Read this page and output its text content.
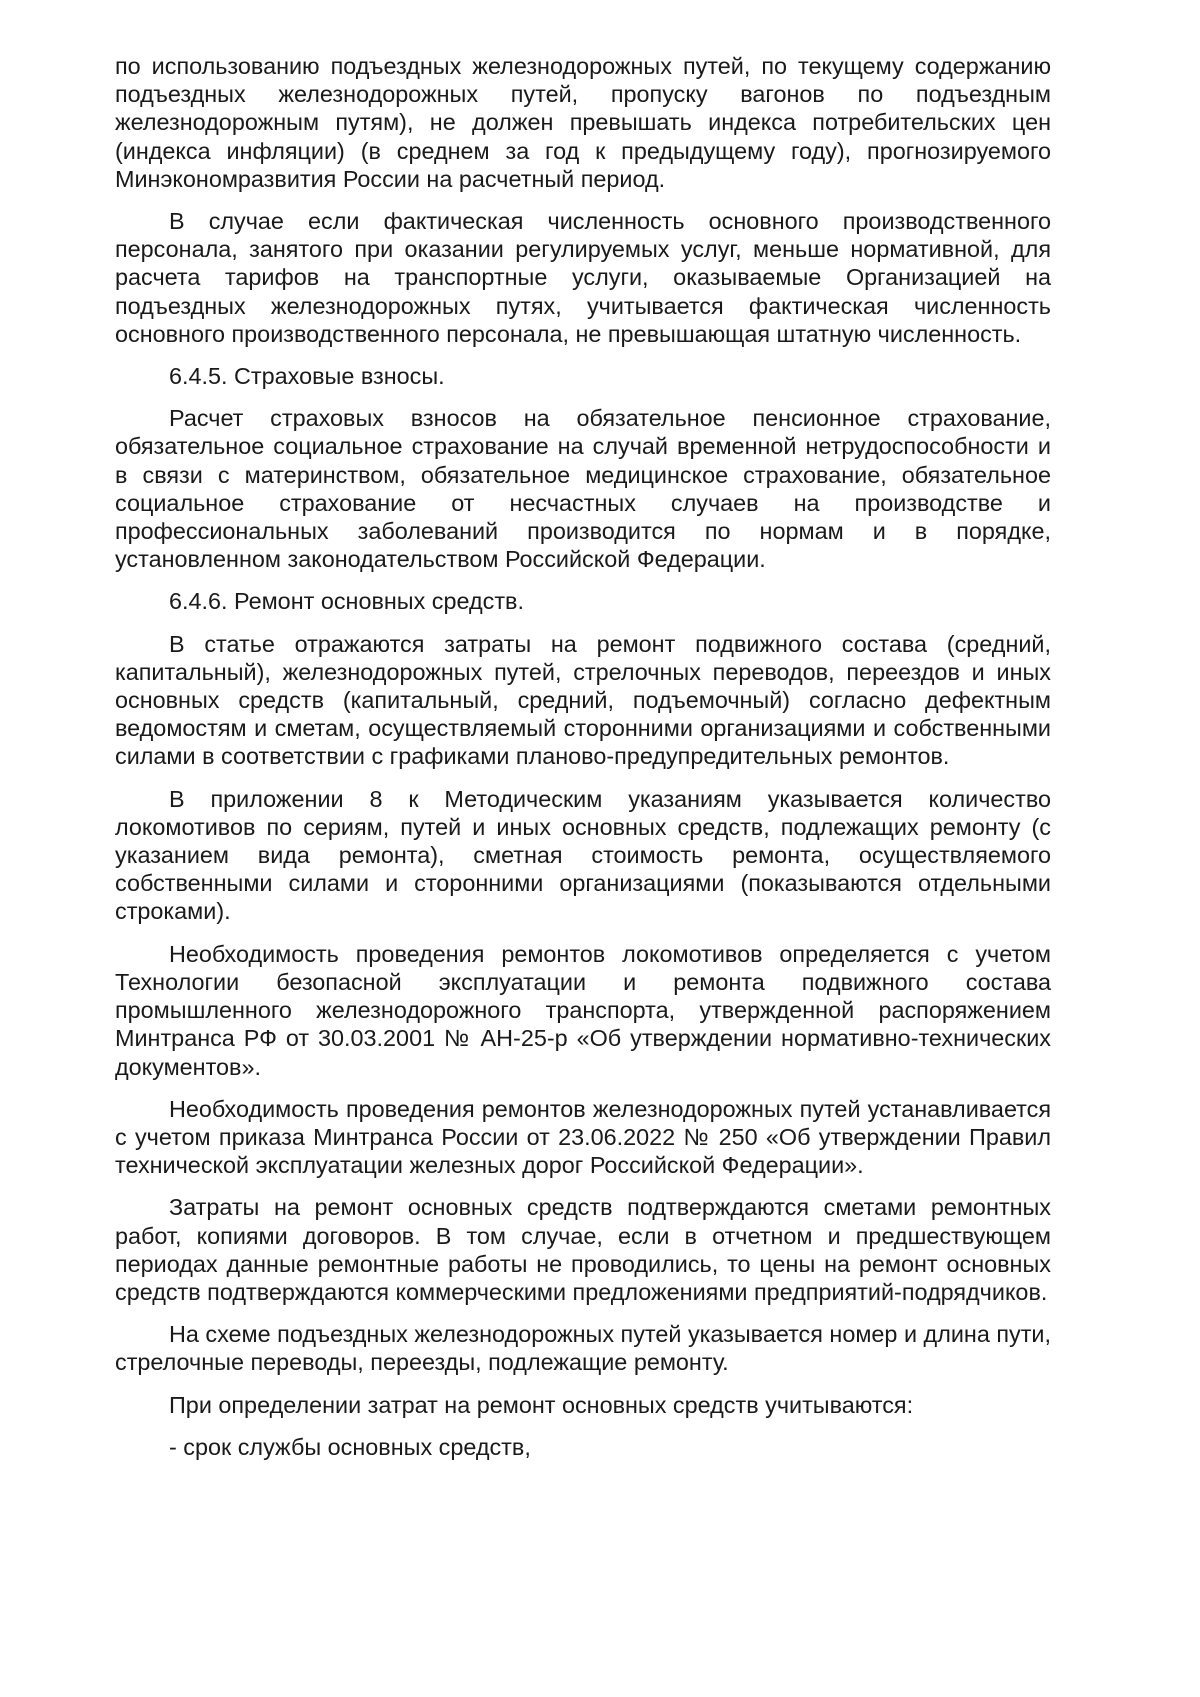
по использованию подъездных железнодорожных путей, по текущему содержанию подъездных железнодорожных путей, пропуску вагонов по подъездным железнодорожным путям), не должен превышать индекса потребительских цен (индекса инфляции) (в среднем за год к предыдущему году), прогнозируемого Минэкономразвития России на расчетный период.

В случае если фактическая численность основного производственного персонала, занятого при оказании регулируемых услуг, меньше нормативной, для расчета тарифов на транспортные услуги, оказываемые Организацией на подъездных железнодорожных путях, учитывается фактическая численность основного производственного персонала, не превышающая штатную численность.

6.4.5. Страховые взносы.

Расчет страховых взносов на обязательное пенсионное страхование, обязательное социальное страхование на случай временной нетрудоспособности и в связи с материнством, обязательное медицинское страхование, обязательное социальное страхование от несчастных случаев на производстве и профессиональных заболеваний производится по нормам и в порядке, установленном законодательством Российской Федерации.

6.4.6. Ремонт основных средств.

В статье отражаются затраты на ремонт подвижного состава (средний, капитальный), железнодорожных путей, стрелочных переводов, переездов и иных основных средств (капитальный, средний, подъемочный) согласно дефектным ведомостям и сметам, осуществляемый сторонними организациями и собственными силами в соответствии с графиками планово-предупредительных ремонтов.

В приложении 8 к Методическим указаниям указывается количество локомотивов по сериям, путей и иных основных средств, подлежащих ремонту (с указанием вида ремонта), сметная стоимость ремонта, осуществляемого собственными силами и сторонними организациями (показываются отдельными строками).

Необходимость проведения ремонтов локомотивов определяется с учетом Технологии безопасной эксплуатации и ремонта подвижного состава промышленного железнодорожного транспорта, утвержденной распоряжением Минтранса РФ от 30.03.2001 № АН-25-р «Об утверждении нормативно-технических документов».

Необходимость проведения ремонтов железнодорожных путей устанавливается с учетом приказа Минтранса России от 23.06.2022 № 250 «Об утверждении Правил технической эксплуатации железных дорог Российской Федерации».

Затраты на ремонт основных средств подтверждаются сметами ремонтных работ, копиями договоров. В том случае, если в отчетном и предшествующем периодах данные ремонтные работы не проводились, то цены на ремонт основных средств подтверждаются коммерческими предложениями предприятий-подрядчиков.

На схеме подъездных железнодорожных путей указывается номер и длина пути, стрелочные переводы, переезды, подлежащие ремонту.

При определении затрат на ремонт основных средств учитываются:

- срок службы основных средств,
